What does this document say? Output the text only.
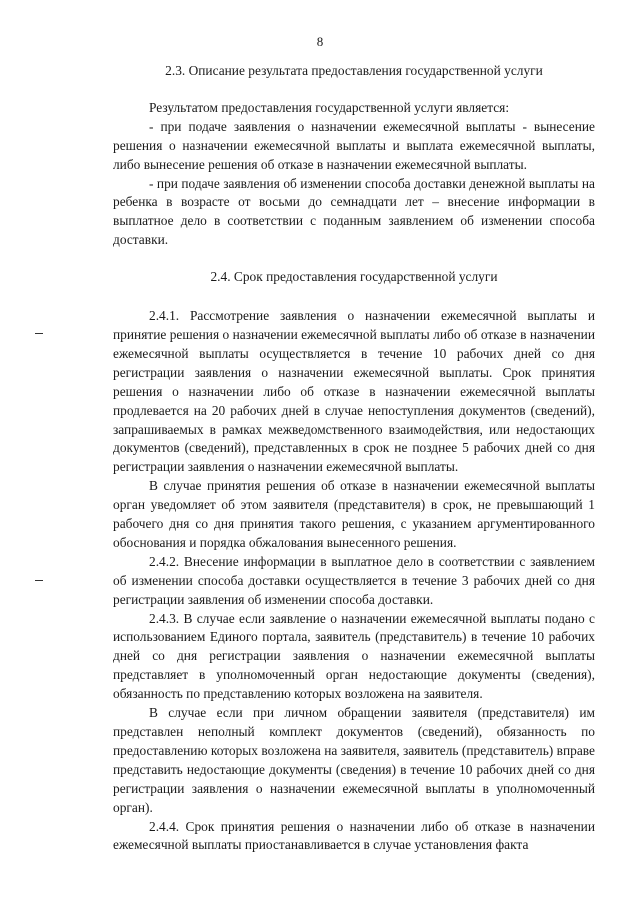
8
2.3. Описание результата предоставления государственной услуги

Результатом предоставления государственной услуги является:

- при подаче заявления о назначении ежемесячной выплаты - вынесение решения о назначении ежемесячной выплаты и выплата ежемесячной выплаты, либо вынесение решения об отказе в назначении ежемесячной выплаты.

- при подаче заявления об изменении способа доставки денежной выплаты на ребенка в возрасте от восьми до семнадцати лет – внесение информации в выплатное дело в соответствии с поданным заявлением об изменении способа доставки.

2.4. Срок предоставления государственной услуги

2.4.1. Рассмотрение заявления о назначении ежемесячной выплаты и принятие решения о назначении ежемесячной выплаты либо об отказе в назначении ежемесячной выплаты осуществляется в течение 10 рабочих дней со дня регистрации заявления о назначении ежемесячной выплаты. Срок принятия решения о назначении либо об отказе в назначении ежемесячной выплаты продлевается на 20 рабочих дней в случае непоступления документов (сведений), запрашиваемых в рамках межведомственного взаимодействия, или недостающих документов (сведений), представленных в срок не позднее 5 рабочих дней со дня регистрации заявления о назначении ежемесячной выплаты.

В случае принятия решения об отказе в назначении ежемесячной выплаты орган уведомляет об этом заявителя (представителя) в срок, не превышающий 1 рабочего дня со дня принятия такого решения, с указанием аргументированного обоснования и порядка обжалования вынесенного решения.

2.4.2. Внесение информации в выплатное дело в соответствии с заявлением об изменении способа доставки осуществляется в течение 3 рабочих дней со дня регистрации заявления об изменении способа доставки.

2.4.3. В случае если заявление о назначении ежемесячной выплаты подано с использованием Единого портала, заявитель (представитель) в течение 10 рабочих дней со дня регистрации заявления о назначении ежемесячной выплаты представляет в уполномоченный орган недостающие документы (сведения), обязанность по представлению которых возложена на заявителя.

В случае если при личном обращении заявителя (представителя) им представлен неполный комплект документов (сведений), обязанность по предоставлению которых возложена на заявителя, заявитель (представитель) вправе представить недостающие документы (сведения) в течение 10 рабочих дней со дня регистрации заявления о назначении ежемесячной выплаты в уполномоченный орган).

2.4.4. Срок принятия решения о назначении либо об отказе в назначении ежемесячной выплаты приостанавливается в случае установления факта
